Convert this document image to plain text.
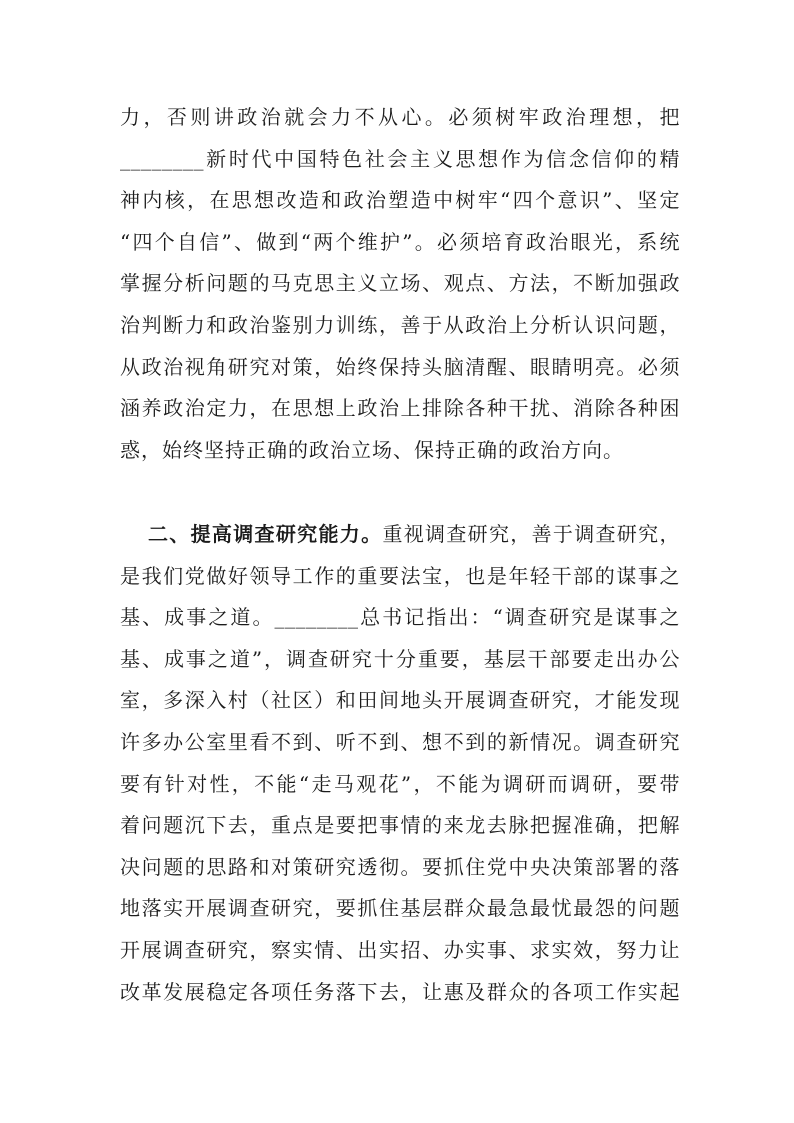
力，否则讲政治就会力不从心。必须树牢政治理想，把
________新时代中国特色社会主义思想作为信念信仰的精
神内核，在思想改造和政治塑造中树牢“四个意识”、坚定
“四个自信”、做到“两个维护”。必须培育政治眼光，系统
掌握分析问题的马克思主义立场、观点、方法，不断加强政
治判断力和政治鉴别力训练，善于从政治上分析认识问题，
从政治视角研究对策，始终保持头脑清醒、眼睛明亮。必须
涵养政治定力，在思想上政治上排除各种干扰、消除各种困
惑，始终坚持正确的政治立场、保持正确的政治方向。
二、提高调查研究能力。重视调查研究，善于调查研究，
是我们党做好领导工作的重要法宝，也是年轻干部的谋事之
基、成事之道。________总书记指出：“调查研究是谋事之
基、成事之道”，调查研究十分重要，基层干部要走出办公
室，多深入村（社区）和田间地头开展调查研究，才能发现
许多办公室里看不到、听不到、想不到的新情况。调查研究
要有针对性，不能“走马观花”，不能为调研而调研，要带
着问题沉下去，重点是要把事情的来龙去脉把握准确，把解
决问题的思路和对策研究透彻。要抓住党中央决策部署的落
地落实开展调查研究，要抓住基层群众最急最忧最怨的问题
开展调查研究，察实情、出实招、办实事、求实效，努力让
改革发展稳定各项任务落下去，让惠及群众的各项工作实起
